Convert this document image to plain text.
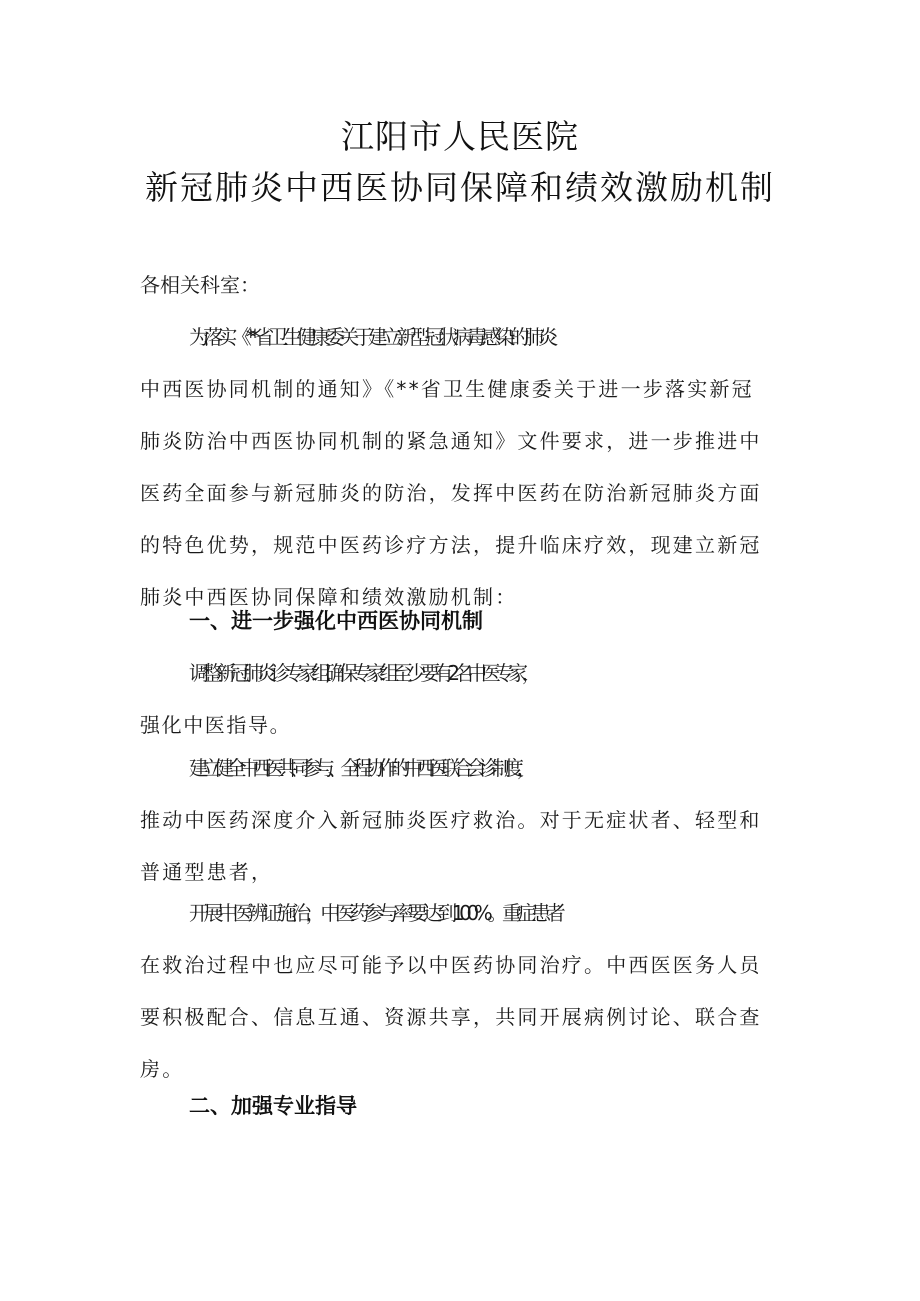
江阳市人民医院
新冠肺炎中西医协同保障和绩效激励机制
各相关科室：
为落实《**省卫生健康委关于建立新型冠状病毒感染的肺炎
中西医协同机制的通知》《**省卫生健康委关于进一步落实新冠
肺炎防治中西医协同机制的紧急通知》文件要求，进一步推进中
医药全面参与新冠肺炎的防治，发挥中医药在防治新冠肺炎方面
的特色优势，规范中医药诊疗方法，提升临床疗效，现建立新冠
肺炎中西医协同保障和绩效激励机制：
一、进一步强化中西医协同机制
调整新冠肺炎诊专家组,确保专家组至少要有2名中医专家，
强化中医指导。
建立健全中西医共同参与、全程协作的中西医联合会诊制度，
推动中医药深度介入新冠肺炎医疗救治。对于无症状者、轻型和
普通型患者，
开展中医辨证施治，中医药参与率要达到100%。重症患者
在救治过程中也应尽可能予以中医药协同治疗。中西医医务人员
要积极配合、信息互通、资源共享，共同开展病例讨论、联合查
房。
二、加强专业指导
